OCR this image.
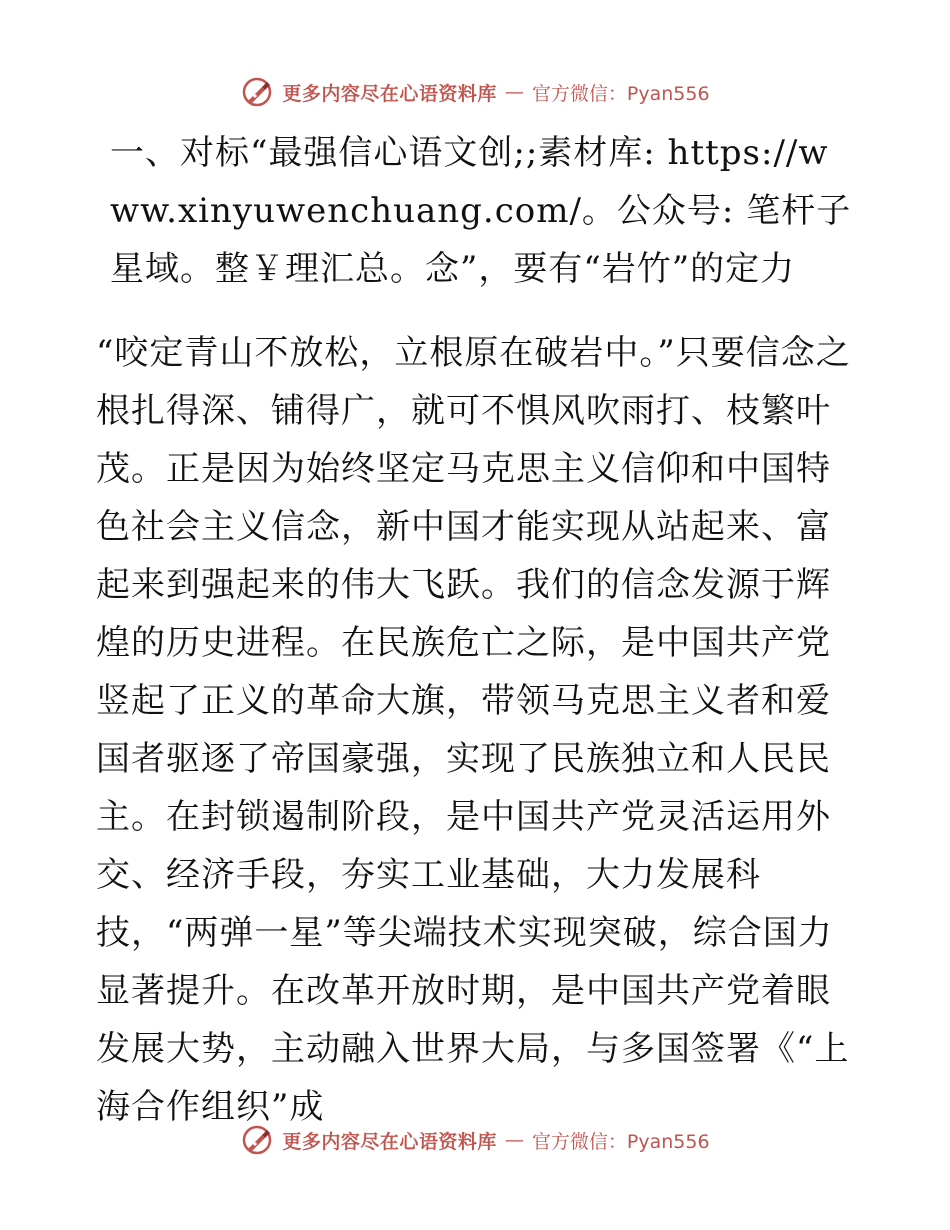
更多内容尽在心语资料库 — 官方微信：Pyan556

一、对标“最强信心语文创;;素材库: https://www.xinyuwenchuang.com/。公众号: 笔杆子星域。整￥理汇总。念”，要有“岩竹”的定力

“咬定青山不放松，立根原在破岩中。”只要信念之根扎得深、铺得广，就可不惧风吹雨打、枝繁叶茂。正是因为始终坚定马克思主义信仰和中国特色社会主义信念，新中国才能实现从站起来、富起来到强起来的伟大飞跃。我们的信念发源于辉煌的历史进程。在民族危亡之际，是中国共产党竖起了正义的革命大旗，带领马克思主义者和爱国者驱逐了帝国豪强，实现了民族独立和人民民主。在封锁遏制阶段，是中国共产党灵活运用外交、经济手段，夯实工业基础，大力发展科技，“两弹一星”等尖端技术实现突破，综合国力显著提升。在改革开放时期，是中国共产党着眼发展大势，主动融入世界大局，与多国签署《“上海合作组织”成

更多内容尽在心语资料库 — 官方微信：Pyan556
